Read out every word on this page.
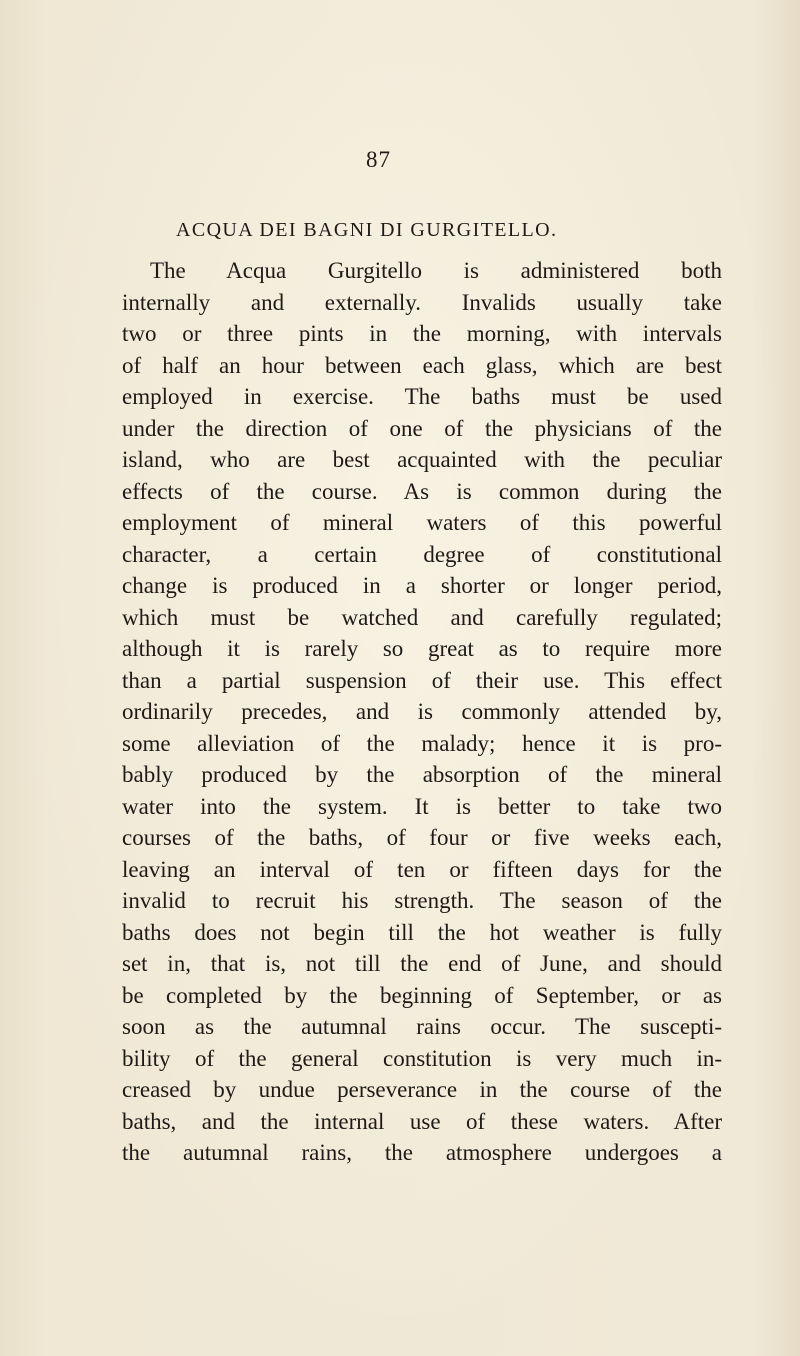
87
ACQUA DEI BAGNI DI GURGITELLO.
The Acqua Gurgitello is administered both
internally and externally. Invalids usually take
two or three pints in the morning, with intervals
of half an hour between each glass, which are best
employed in exercise. The baths must be used
under the direction of one of the physicians of the
island, who are best acquainted with the peculiar
effects of the course. As is common during the
employment of mineral waters of this powerful
character, a certain degree of constitutional
change is produced in a shorter or longer period,
which must be watched and carefully regulated;
although it is rarely so great as to require more
than a partial suspension of their use. This effect
ordinarily precedes, and is commonly attended by,
some alleviation of the malady; hence it is pro-
bably produced by the absorption of the mineral
water into the system. It is better to take two
courses of the baths, of four or five weeks each,
leaving an interval of ten or fifteen days for the
invalid to recruit his strength. The season of the
baths does not begin till the hot weather is fully
set in, that is, not till the end of June, and should
be completed by the beginning of September, or as
soon as the autumnal rains occur. The suscepti-
bility of the general constitution is very much in-
creased by undue perseverance in the course of the
baths, and the internal use of these waters. After
the autumnal rains, the atmosphere undergoes a
